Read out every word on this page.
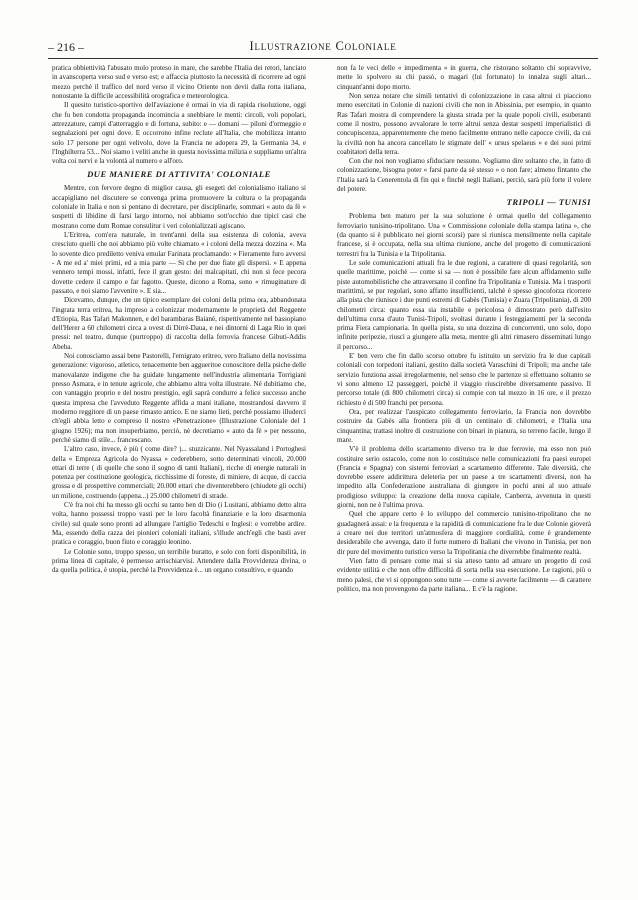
– 216 –	Illustrazione Coloniale

pratica obbiettività l'abusato molo proteso in mare, che sarebbe l'Italia dei retori, lanciato in avanscoperta verso sud e verso est; e affaccia piuttosto la necessità di ricorrere ad ogni mezzo perchè il traffico del nord verso il vicino Oriente non devii dalla rotta italiana, nonostante la difficile accessibilità orografica e meteorologica.

Il quesito turistico-sportivo dell'aviazione è ormai in via di rapida risoluzione, oggi che fu ben condotta propaganda incomincia a snebbiare le menti: circoli, voli popolari, attrezzature, campi d'atterraggio e di fortuna, subito: e — domani — piloni d'ormeggio e segnalazioni per ogni dove. E occorrono infine reclute all'Italia, che mobilizza intanto solo 17 persone per ogni velivolo, dove la Francia ne adopera 29, la Germania 34, e l'Inghilterra 53... Noi siamo i veliti anche in questa novissima milizia e suppliamo un'altra volta coi nervi e la volontà al numero e all'oro.

DUE MANIERE DI ATTIVITA' COLONIALE

Mentre, con fervore degno di miglior causa, gli esegeti del colonialismo italiano si accapigliano nel discutere se convenga prima promuovere la coltura o la propaganda coloniale in Italia e non si pentano di decretare, per disciplinarle, sommari « auto da fè » sospetti di libidine di farsi largo intorno, noi abbiamo sott'occhio due tipici casi che mostrano come dum Romae consulitur i veri colonializzati agiscano.

L'Eritrea, com'era naturale, in trent'anni della sua esistenza di colonia, aveva cresciuto quelli che noi abbiamo più volte chiamato « i coloni della mezza dozzina ». Ma lo sovente dico prediletto veniva emular Farinata proclamando: « Fieramente furo avversi - A me ed a' miei primi, ed a mia parte — Sì che per due fiate gli dispersi. » E appena vennero tempi mossi, infatti, fece il gran gesto: dei malcapitati, chi non si fece pecora dovette cedere il campo e far fagotto. Queste, dicono a Roma, sono « rimuginature di passato, e noi siamo l'avvenire ». E sia...

Dicevamo, dunque, che un tipico esemplare dei coloni della prima ora, abbandonata l'ingrata terra eritrea, ha impreso a colonizzar modernamente le proprietà del Reggente d'Etiopia, Ras Tafari Makonnen, e del barambaras Baianè, rispettivamente nel bassopiano dell'Herer a 60 chilometri circa a ovest di Dirrè-Daua, e nei dintorni di Laga Rio in quei pressi: nel teatro, dunque (purtroppo) di raccolta della ferrovia francese Gibuti-Addis Abeba.

Noi conosciamo assai bene Pastorelli, l'emigrato eritreo, vero Italiano della novissima generazione: vigoroso, atletico, tenacemente ben aggueritoe conoscitore della psiche delle manovalanze indigene che ha guidate lungamente nell'industria alimentaria Torrigiani presso Asmara, e in tenute agricole, che abbiamo altra volta illustrate. Né dubitiamo che, con vantaggio proprio e del nostro prestigio, egli saprà condurre a felice successo anche questa impresa che l'avveduto Reggente affida a mani italiane, mostrandosi davvero il moderno reggitore di un paese rimasto antico. E ne siamo lieti, perchè possiamo illuderci ch'egli abbia letto e compreso il nostro «Penetrazione» (Illustrazione Coloniale del 1 giugno 1926); ma non insuperbiamo, perciò, nè decretiamo « auto da fè » per nessuno, perchè siamo di stile... francescano.

L'altro caso, invece, è più ( come dire? )... stuzzicante. Nel Nyassaland i Portoghesi della « Empreza Agricola do Nyassa » cederebbero, sotto determinati vincoli, 20.000 ettari di terre ( di quelle che sono il sogno di tanti Italiani), ricche di energie naturali in potenza per costituzione geologica, ricchissime di foreste, di miniere, di acque, di caccia grossa e di prospettive commerciali; 20.000 ettari che diventerebbero (chiudete gli occhi) un milione, costruendo (appena...) 25.000 chilometri di strade.

C'è fra noi chi ha messo gli occhi su tanto ben di Dio (i Lusitani, abbiamo detto altra volta, hanno possessi troppo vasti per le loro facoltà finanziarie e la loro disarmonia civile) sul quale sono pronti ad allungare l'artiglio Tedeschi e Inglesi: e vorrebbe ardire. Ma, essendo della razza dei pionieri coloniali italiani, s'illude anch'egli che basti aver pratica e coraggio, buon fiuto e coraggio leonino.

Le Colonie sono, troppo spesso, un terribile buratto, e solo con forti disponibilità, in prima linea di capitale, è permesso arrischiarvisi. Attendere dalla Provvidenza divina, o da quella politica, è utopia, perchè la Provvidenza è... un organo consultivo, e quando

non fa le veci delle « impedimenta » in guerra, che ristorano soltanto chi sopravvive, mette lo spolvero su chi passò, o magari (lui fortunato) lo innalza sugli altari... cinquant'anni dopo morto.

Non senza notare che simili tentativi di colonizzazione in casa altrui ci piacciono meno esercitati in Colonie di nazioni civili che non in Abissinia, per esempio, in quanto Ras Tafari mostra di comprendere la giusta strada per la quale popoli civili, esuberanti come il nostro, possono avvalorare le terre altrui senza destar sospetti imperialistici di concupiscenza, apparentemente che meno facilmente entrano nelle capocce civili, da cui la civiltà non ha ancora cancellato le stigmate dell' « ursus spelaeus » e dei suoi primi coabitatori della terra.

Con che noi non vogliamo sfiduciare nessuno. Vogliamo dire soltanto che, in fatto di colonizzazione, bisogna poter « farsi parte da sè stesso » o non fare; almeno fintanto che l'Italia sarà la Cenerentola di fin qui e finchè negli Italiani, perciò, sarà più forte il volere del potere.

TRIPOLI — TUNISI

Problema ben maturo per la sua soluzione è ormai quello del collegamento ferroviario tunisino-tripolitano. Una « Commissione coloniale della stampa latina », che (da quanto si è pubblicato nei giorni scorsi) pare si riunisca mensilmente nella capitale francese, si è occupata, nella sua ultima riunione, anche del progetto di comunicazioni terrestri fra la Tunisia e la Tripolitania.

Le sole comunicazioni attuali fra le due regioni, a carattere di quasi regolarità, son quelle marittime, poichè — come si sa — non è possibile fare alcun affidamento sulle piste automobilistiche che attraversano il confine fra Tripolitania e Tunisia. Ma i trasporti marittimi, se pur regolari, sono affatto insufficienti, talchè è spesso giocoforza ricorrere alla pista che riunisce i due punti estremi di Gabès (Tunisia) e Zuara (Tripolitania), di 200 chilometri circa: quanto essa sia instabile e pericolosa è dimostrato però dall'esito dell'ultima corsa d'auto Tunisi-Tripoli, svoltasi durante i festeggiamenti per la seconda prima Fiera campionaria. In quella pista, su una dozzina di concorrenti, uno solo, dopo infinite peripezie, riuscì a giungere alla meta, mentre gli altri rimasero disseminati lungo il percorso...

E' ben vero che fin dallo scorso ottobre fu istituito un servizio fra le due capitali coloniali con torpedoni italiani, gestito dalla società Varaschini di Tripoli; ma anche tale servizio funziona assai irregolarmente, nel senso che le partenze si effettuano soltanto se vi sono almeno 12 passeggeri, poichè il viaggio riuscirebbe diversamente passivo. Il percorso totale (di 800 chilometri circa) si compie con tal mezzo in 16 ore, e il prezzo richiesto è di 500 franchi per persona.

Ora, per realizzar l'auspicato collegamento ferroviario, la Francia non dovrebbe costruire da Gabès alla frontiera più di un centinaio di chilometri, e l'Italia una cinquantina; trattasi inoltre di costruzione con binari in pianura, su terreno facile, lungo il mare.

V'è il problema dello scartamento diverso tra le due ferrovie, ma esso non può costituire serio ostacolo, come non lo costituisce nelle comunicazioni fra paesi europei (Francia e Spagna) con sistemi ferroviari a scartamento differente. Tale diversità, che dovrebbe essere addirittura deleteria per un paese a tre scartamenti diversi, non ha impedito alla Confederazione australiana di giungere in pochi anni al suo attuale prodigioso sviluppo: la creazione della nuova capitale, Canberra, avvenuta in questi giorni, non ne è l'ultima prova.

Quel che appare certo è lo sviluppo del commercio tunisino-tripolitano che ne guadagnerà assai: e la frequenza e la rapidità di comunicazione fra le due Colonie gioverà a creare nei due territori un'atmosfera di maggiore cordialità, come è grandemente desiderabile che avvenga, dato il forte numero di Italiani che vivono in Tunisia, per non dir pure del movimento turistico verso la Tripolitania che diverrebbe finalmente realtà.

Vien fatto di pensare come mai si sia atteso tanto ad attuare un progetto di così evidente utilità e che non offre difficoltà di sorta nella sua esecuzione. Le ragioni, più o meno palesi, che vi si oppongono sono tutte — come si avverte facilmente — di carattere politico, ma non provengono da parte italiana... E c'è la ragione.
